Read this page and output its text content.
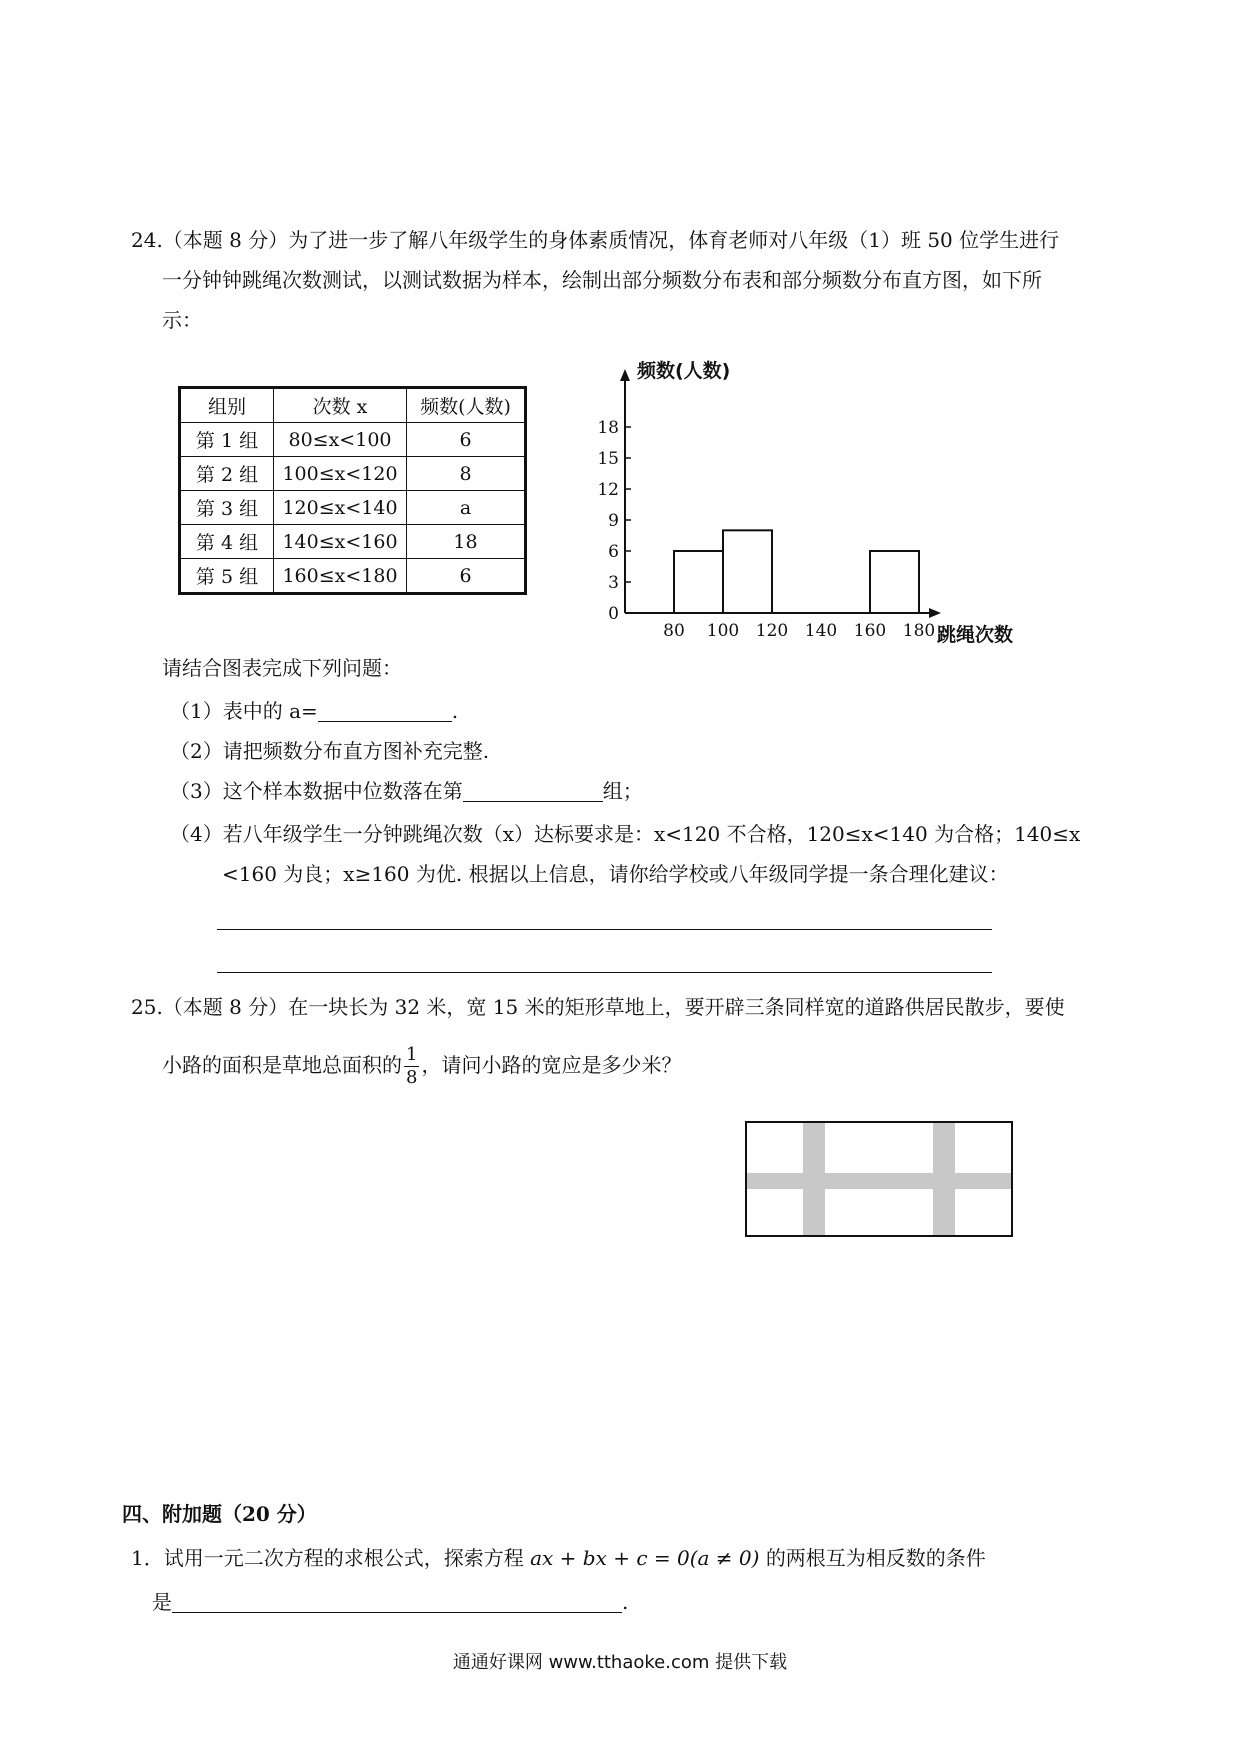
24.（本题 8 分）为了进一步了解八年级学生的身体素质情况，体育老师对八年级（1）班 50 位学生进行
一分钟钟跳绳次数测试，以测试数据为样本，绘制出部分频数分布表和部分频数分布直方图，如下所
示：
组别	次数 x	频数(人数)
第 1 组	80≤x<100	6
第 2 组	100≤x<120	8
第 3 组	120≤x<140	a
第 4 组	140≤x<160	18
第 5 组	160≤x<180	6
0
3
6
9
12
15
18
80 100 120 140 160 180
频数(人数)
跳绳次数
请结合图表完成下列问题：
（1）表中的 a=	.
（2）请把频数分布直方图补充完整.
（3）这个样本数据中位数落在第	组；
（4）若八年级学生一分钟跳绳次数（x）达标要求是：x<120 不合格，120≤x<140 为合格；140≤x
<160 为良；x≥160 为优. 根据以上信息，请你给学校或八年级同学提一条合理化建议：
25.（本题 8 分）在一块长为 32 米，宽 15 米的矩形草地上，要开辟三条同样宽的道路供居民散步，要使
小路的面积是草地总面积的 $\frac{1}{8}$ ，请问小路的宽应是多少米？
四、附加题（20 分）
1．试用一元二次方程的求根公式，探索方程 ax + bx + c = 0(a ≠ 0) 的两根互为相反数的条件
是	.
通通好课网 www.tthaoke.com 提供下载
